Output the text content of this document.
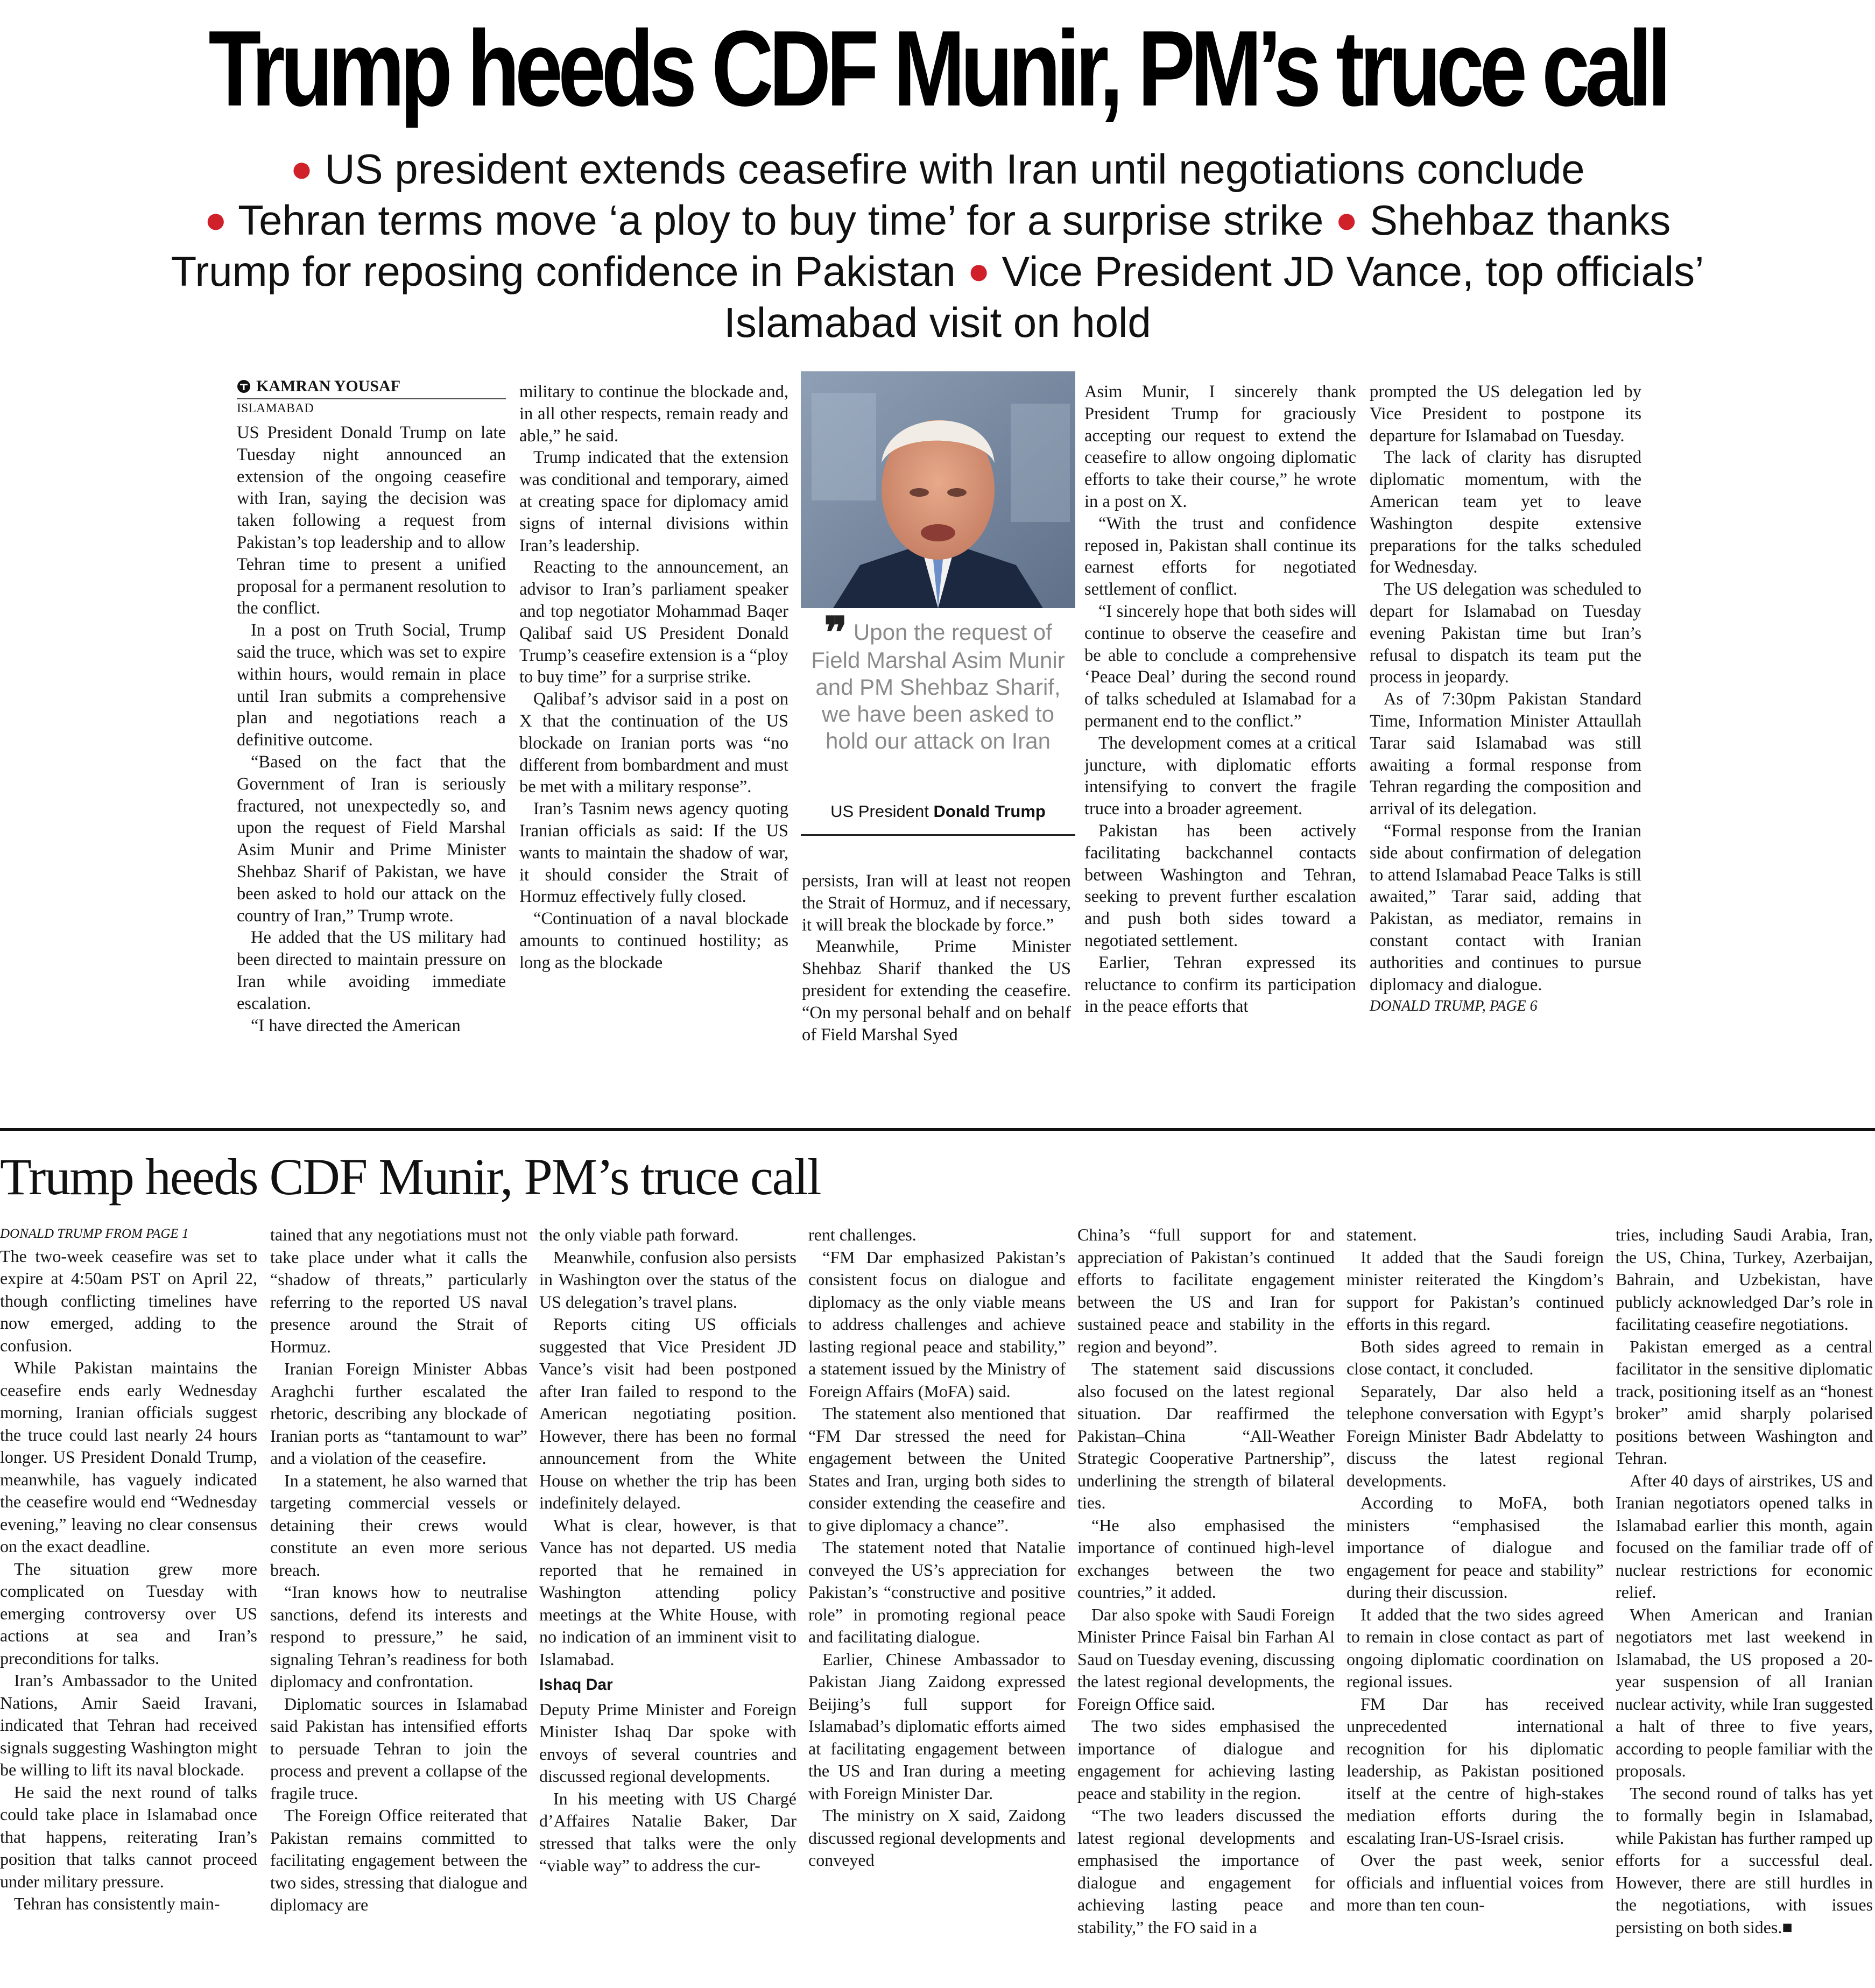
Trump heeds CDF Munir, PM’s truce call
● US president extends ceasefire with Iran until negotiations conclude
● Tehran terms move ‘a ploy to buy time’ for a surprise strike ● Shehbaz thanks Trump for reposing confidence in Pakistan ● Vice President JD Vance, top officials’ Islamabad visit on hold
KAMRAN YOUSAF
ISLAMABAD

US President Donald Trump on late Tuesday night announced an extension of the ongoing ceasefire with Iran, saying the decision was taken following a request from Pakistan’s top leadership and to allow Tehran time to present a unified proposal for a permanent resolution to the conflict.

In a post on Truth Social, Trump said the truce, which was set to expire within hours, would remain in place until Iran submits a comprehensive plan and negotiations reach a definitive outcome.

“Based on the fact that the Government of Iran is seriously fractured, not unexpectedly so, and upon the request of Field Marshal Asim Munir and Prime Minister Shehbaz Sharif of Pakistan, we have been asked to hold our attack on the country of Iran,” Trump wrote.

He added that the US military had been directed to maintain pressure on Iran while avoiding immediate escalation.

“I have directed the American

military to continue the blockade and, in all other respects, remain ready and able,” he said.

Trump indicated that the extension was conditional and temporary, aimed at creating space for diplomacy amid signs of internal divisions within Iran’s leadership.

Reacting to the announcement, an advisor to Iran’s parliament speaker and top negotiator Mohammad Baqer Qalibaf said US President Donald Trump’s ceasefire extension is a “ploy to buy time” for a surprise strike.

Qalibaf’s advisor said in a post on X that the continuation of the US blockade on Iranian ports was “no different from bombardment and must be met with a military response”.

Iran’s Tasnim news agency quoting Iranian officials as said: If the US wants to maintain the shadow of war, it should consider the Strait of Hormuz effectively fully closed.

“Continuation of a naval blockade amounts to continued hostility; as long as the blockade

❞ Upon the request of Field Marshal Asim Munir and PM Shehbaz Sharif, we have been asked to hold our attack on Iran
US President Donald Trump

persists, Iran will at least not reopen the Strait of Hormuz, and if necessary, it will break the blockade by force.”

Meanwhile, Prime Minister Shehbaz Sharif thanked the US president for extending the ceasefire. “On my personal behalf and on behalf of Field Marshal Syed

Asim Munir, I sincerely thank President Trump for graciously accepting our request to extend the ceasefire to allow ongoing diplomatic efforts to take their course,” he wrote in a post on X.

“With the trust and confidence reposed in, Pakistan shall continue its earnest efforts for negotiated settlement of conflict.

“I sincerely hope that both sides will continue to observe the ceasefire and be able to conclude a comprehensive ‘Peace Deal’ during the second round of talks scheduled at Islamabad for a permanent end to the conflict.”

The development comes at a critical juncture, with diplomatic efforts intensifying to convert the fragile truce into a broader agreement.

Pakistan has been actively facilitating backchannel contacts between Washington and Tehran, seeking to prevent further escalation and push both sides toward a negotiated settlement.

Earlier, Tehran expressed its reluctance to confirm its participation in the peace efforts that

prompted the US delegation led by Vice President to postpone its departure for Islamabad on Tuesday.

The lack of clarity has disrupted diplomatic momentum, with the American team yet to leave Washington despite extensive preparations for the talks scheduled for Wednesday.

The US delegation was scheduled to depart for Islamabad on Tuesday evening Pakistan time but Iran’s refusal to dispatch its team put the process in jeopardy.

As of 7:30pm Pakistan Standard Time, Information Minister Attaullah Tarar said Islamabad was still awaiting a formal response from Tehran regarding the composition and arrival of its delegation.

“Formal response from the Iranian side about confirmation of delegation to attend Islamabad Peace Talks is still awaited,” Tarar said, adding that Pakistan, as mediator, remains in constant contact with Iranian authorities and continues to pursue diplomacy and dialogue.

DONALD TRUMP, PAGE 6
Trump heeds CDF Munir, PM’s truce call
DONALD TRUMP FROM PAGE 1

The two-week ceasefire was set to expire at 4:50am PST on April 22, though conflicting timelines have now emerged, adding to the confusion.

While Pakistan maintains the ceasefire ends early Wednesday morning, Iranian officials suggest the truce could last nearly 24 hours longer. US President Donald Trump, meanwhile, has vaguely indicated the ceasefire would end “Wednesday evening,” leaving no clear consensus on the exact deadline.

The situation grew more complicated on Tuesday with emerging controversy over US actions at sea and Iran’s preconditions for talks.

Iran’s Ambassador to the United Nations, Amir Saeid Iravani, indicated that Tehran had received signals suggesting Washington might be willing to lift its naval blockade.

He said the next round of talks could take place in Islamabad once that happens, reiterating Iran’s position that talks cannot proceed under military pressure.

Tehran has consistently main-

tained that any negotiations must not take place under what it calls the “shadow of threats,” particularly referring to the reported US naval presence around the Strait of Hormuz.

Iranian Foreign Minister Abbas Araghchi further escalated the rhetoric, describing any blockade of Iranian ports as “tantamount to war” and a violation of the ceasefire.

In a statement, he also warned that targeting commercial vessels or detaining their crews would constitute an even more serious breach.

“Iran knows how to neutralise sanctions, defend its interests and respond to pressure,” he said, signaling Tehran’s readiness for both diplomacy and confrontation.

Diplomatic sources in Islamabad said Pakistan has intensified efforts to persuade Tehran to join the process and prevent a collapse of the fragile truce.

The Foreign Office reiterated that Pakistan remains committed to facilitating engagement between the two sides, stressing that dialogue and diplomacy are

the only viable path forward.

Meanwhile, confusion also persists in Washington over the status of the US delegation’s travel plans.

Reports citing US officials suggested that Vice President JD Vance’s visit had been postponed after Iran failed to respond to the American negotiating position. However, there has been no formal announcement from the White House on whether the trip has been indefinitely delayed.

What is clear, however, is that Vance has not departed. US media reported that he remained in Washington attending policy meetings at the White House, with no indication of an imminent visit to Islamabad.

Ishaq Dar

Deputy Prime Minister and Foreign Minister Ishaq Dar spoke with envoys of several countries and discussed regional developments.

In his meeting with US Chargé d’Affaires Natalie Baker, Dar stressed that talks were the only “viable way” to address the cur-

rent challenges.

“FM Dar emphasized Pakistan’s consistent focus on dialogue and diplomacy as the only viable means to address challenges and achieve lasting regional peace and stability,” a statement issued by the Ministry of Foreign Affairs (MoFA) said.

The statement also mentioned that “FM Dar stressed the need for engagement between the United States and Iran, urging both sides to consider extending the ceasefire and to give diplomacy a chance”.

The statement noted that Natalie conveyed the US’s appreciation for Pakistan’s “constructive and positive role” in promoting regional peace and facilitating dialogue.

Earlier, Chinese Ambassador to Pakistan Jiang Zaidong expressed Beijing’s full support for Islamabad’s diplomatic efforts aimed at facilitating engagement between the US and Iran during a meeting with Foreign Minister Dar.

The ministry on X said, Zaidong discussed regional developments and conveyed

China’s “full support for and appreciation of Pakistan’s continued efforts to facilitate engagement between the US and Iran for sustained peace and stability in the region and beyond”.

The statement said discussions also focused on the latest regional situation. Dar reaffirmed the Pakistan–China “All-Weather Strategic Cooperative Partnership”, underlining the strength of bilateral ties.

“He also emphasised the importance of continued high-level exchanges between the two countries,” it added.

Dar also spoke with Saudi Foreign Minister Prince Faisal bin Farhan Al Saud on Tuesday evening, discussing the latest regional developments, the Foreign Office said.

The two sides emphasised the importance of dialogue and engagement for achieving lasting peace and stability in the region.

“The two leaders discussed the latest regional developments and emphasised the importance of dialogue and engagement for achieving lasting peace and stability,” the FO said in a

statement.

It added that the Saudi foreign minister reiterated the Kingdom’s support for Pakistan’s continued efforts in this regard.

Both sides agreed to remain in close contact, it concluded.

Separately, Dar also held a telephone conversation with Egypt’s Foreign Minister Badr Abdelatty to discuss the latest regional developments.

According to MoFA, both ministers “emphasised the importance of dialogue and engagement for peace and stability” during their discussion.

It added that the two sides agreed to remain in close contact as part of ongoing diplomatic coordination on regional issues.

FM Dar has received unprecedented international recognition for his diplomatic leadership, as Pakistan positioned itself at the centre of high-stakes mediation efforts during the escalating Iran-US-Israel crisis.

Over the past week, senior officials and influential voices from more than ten coun-

tries, including Saudi Arabia, Iran, the US, China, Turkey, Azerbaijan, Bahrain, and Uzbekistan, have publicly acknowledged Dar’s role in facilitating ceasefire negotiations.

Pakistan emerged as a central facilitator in the sensitive diplomatic track, positioning itself as an “honest broker” amid sharply polarised positions between Washington and Tehran.

After 40 days of airstrikes, US and Iranian negotiators opened talks in Islamabad earlier this month, again focused on the familiar trade off of nuclear restrictions for economic relief.

When American and Iranian negotiators met last weekend in Islamabad, the US proposed a 20-year suspension of all Iranian nuclear activity, while Iran suggested a halt of three to five years, according to people familiar with the proposals.

The second round of talks has yet to formally begin in Islamabad, while Pakistan has further ramped up efforts for a successful deal. However, there are still hurdles in the negotiations, with issues persisting on both sides.■
